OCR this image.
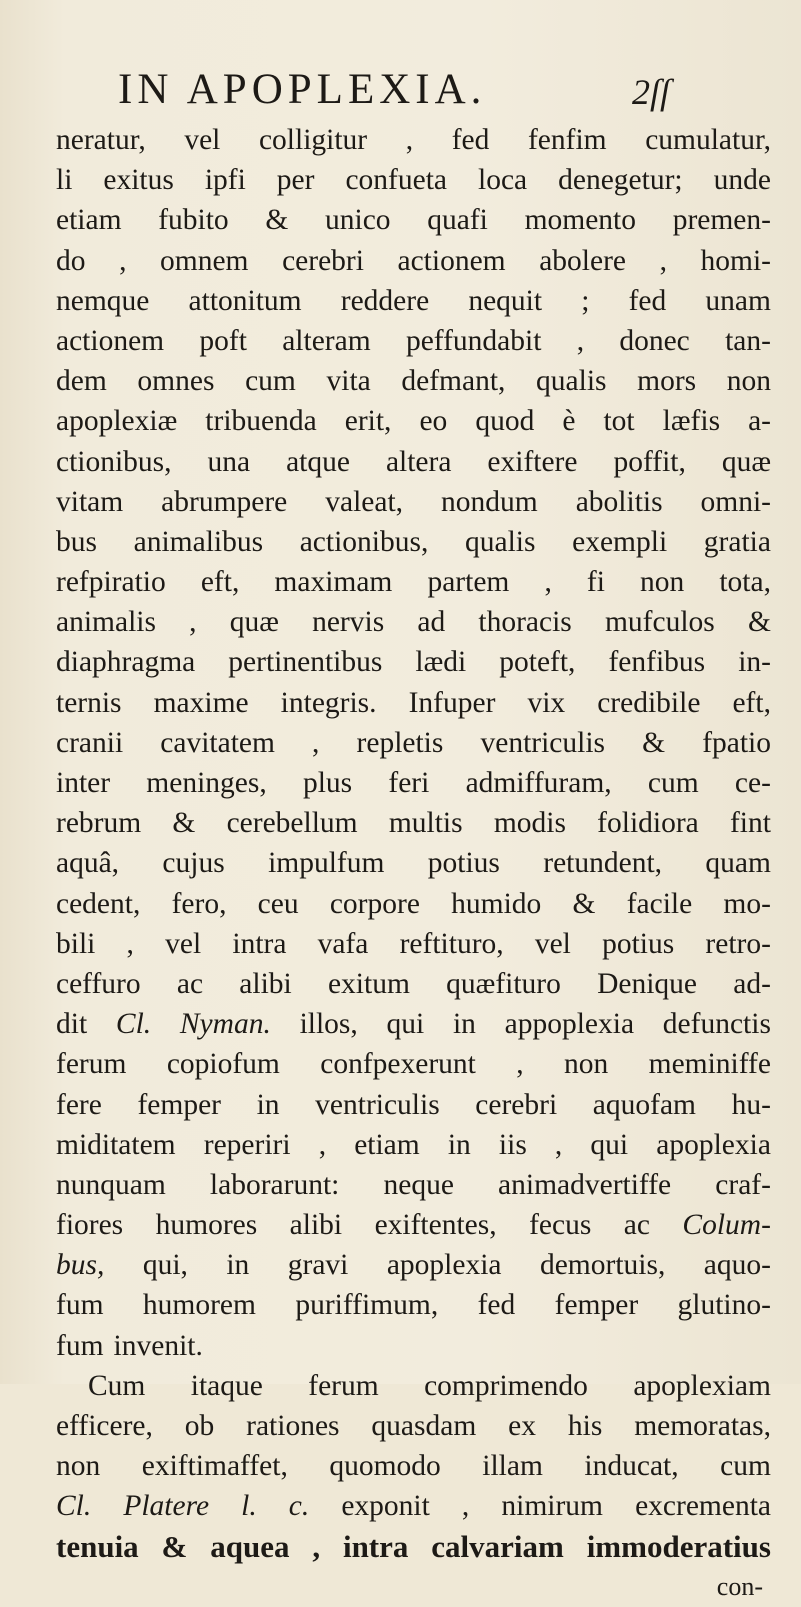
IN APOPLEXIA.	2ſſ
neratur, vel colligitur , fed fenfim cumulatur,
li exitus ipfi per confueta loca denegetur; unde
etiam fubito & unico quafi momento premen-
do , omnem cerebri actionem abolere , homi-
nemque attonitum reddere nequit ; fed unam
actionem poft alteram peffundabit , donec tan-
dem omnes cum vita defmant, qualis mors non
apoplexiæ tribuenda erit, eo quod è tot læfis a-
ctionibus, una atque altera exiftere poffit, quæ
vitam abrumpere valeat, nondum abolitis omni-
bus animalibus actionibus, qualis exempli gratia
refpiratio eft, maximam partem , fi non tota,
animalis , quæ nervis ad thoracis mufculos &
diaphragma pertinentibus lædi poteft, fenfibus in-
ternis maxime integris. Infuper vix credibile eft,
cranii cavitatem , repletis ventriculis & fpatio
inter meninges, plus feri admiffuram, cum ce-
rebrum & cerebellum multis modis folidiora fint
aquâ, cujus impulfum potius retundent, quam
cedent, fero, ceu corpore humido & facile mo-
bili , vel intra vafa reftituro, vel potius retro-
ceffuro ac alibi exitum quæfituro Denique ad-
dit Cl. Nyman. illos, qui in appoplexia defunctis
ferum copiofum confpexerunt , non meminiffe
fere femper in ventriculis cerebri aquofam hu-
miditatem reperiri , etiam in iis , qui apoplexia
nunquam laborarunt: neque animadvertiffe craf-
fiores humores alibi exiftentes, fecus ac Colum-
bus, qui, in gravi apoplexia demortuis, aquo-
fum humorem puriffimum, fed femper glutino-
fum invenit.
Cum itaque ferum comprimendo apoplexiam
efficere, ob rationes quasdam ex his memoratas,
non exiftimaffet, quomodo illam inducat, cum
Cl. Platere l. c. exponit , nimirum excrementa
tenuia & aquea , intra calvariam immoderatius
con-
